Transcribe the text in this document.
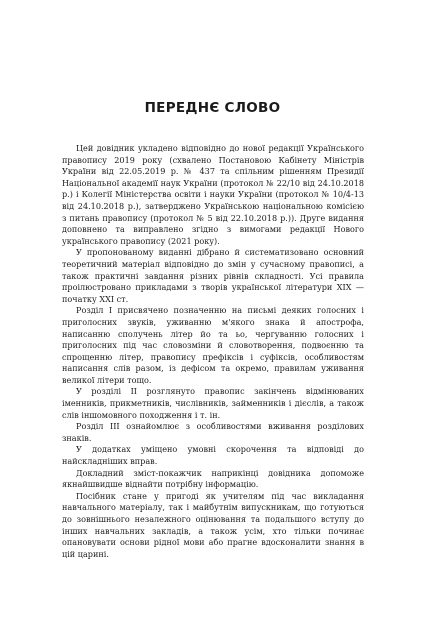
ПЕРЕДНЄ СЛОВО

Цей довідник укладено відповідно до нової редакції Українського правопису 2019 року (схвалено Постановою Кабінету Міністрів України від 22.05.2019 р. № 437 та спільним рішенням Президії Національної академії наук України (протокол № 22/10 від 24.10.2018 р.) і Колегії Міністерства освіти і науки України (протокол № 10/4-13 від 24.10.2018 р.), затверджено Українською національною комісією з питань правопису (протокол № 5 від 22.10.2018 р.)). Друге видання доповнено та виправлено згідно з вимогами редакції Нового українського правопису (2021 року).

У пропонованому виданні дібрано й систематизовано основний теоретичний матеріал відповідно до змін у сучасному правописі, а також практичні завдання різних рівнів складності. Усі правила проілюстровано прикладами з творів української літератури XIX — початку XXI ст.

Розділ I присвячено позначенню на письмі деяких голосних і приголосних звуків, уживанню м'якого знака й апострофа, написанню сполучень літер йо та ьо, чергуванню голосних і приголосних під час словозміни й словотворення, подвоєнню та спрощенню літер, правопису префіксів і суфіксів, особливостям написання слів разом, із дефісом та окремо, правилам уживання великої літери тощо.

У розділі II розглянуто правопис закінчень відмінюваних іменників, прикметників, числівників, займенників і дієслів, а також слів іншомовного походження і т. ін.

Розділ III ознайомлює з особливостями вживання розділових знаків.

У додатках уміщено умовні скорочення та відповіді до найскладніших вправ.

Докладний зміст-покажчик наприкінці довідника допоможе якнайшвидше віднайти потрібну інформацію.

Посібник стане у пригоді як учителям під час викладання навчального матеріалу, так і майбутнім випускникам, що готуються до зовнішнього незалежного оцінювання та подальшого вступу до інших навчальних закладів, а також усім, хто тільки починає опановувати основи рідної мови або прагне вдосконалити знання в цій царині.
